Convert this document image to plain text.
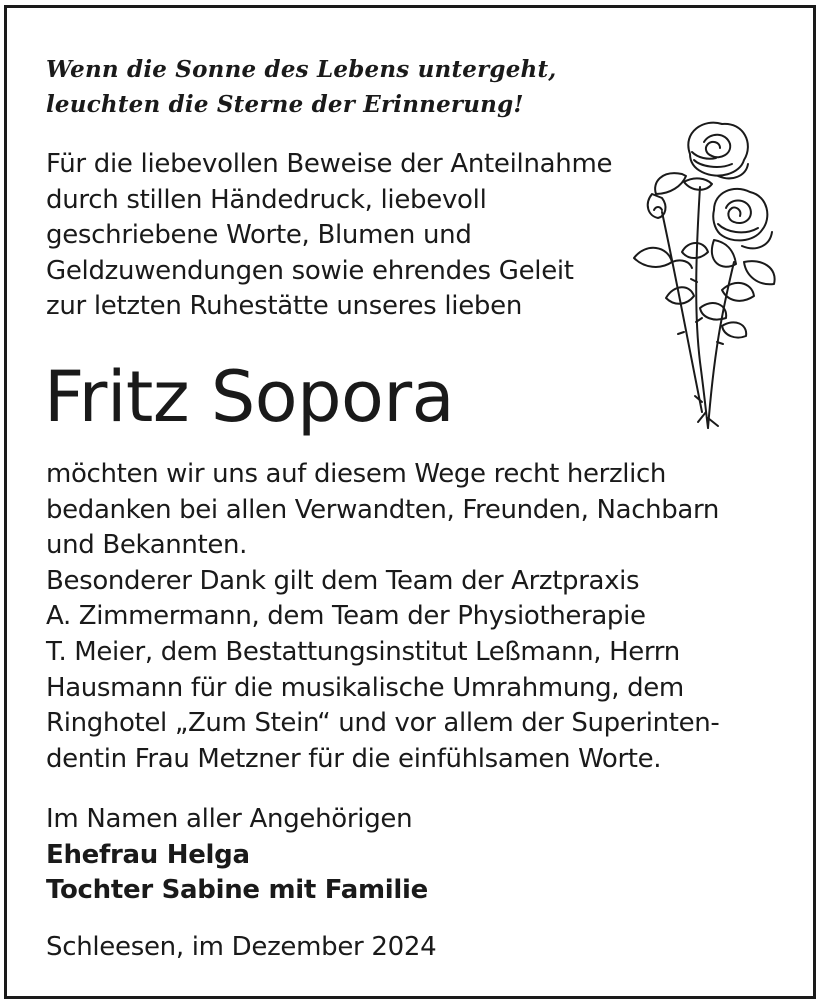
Wenn die Sonne des Lebens untergeht,
leuchten die Sterne der Erinnerung!
Für die liebevollen Beweise der Anteilnahme
durch stillen Händedruck, liebevoll
geschriebene Worte, Blumen und
Geldzuwendungen sowie ehrendes Geleit
zur letzten Ruhestätte unseres lieben
Fritz Sopora
möchten wir uns auf diesem Wege recht herzlich
bedanken bei allen Verwandten, Freunden, Nachbarn
und Bekannten.
Besonderer Dank gilt dem Team der Arztpraxis
A. Zimmermann, dem Team der Physiotherapie
T. Meier, dem Bestattungsinstitut Leßmann, Herrn
Hausmann für die musikalische Umrahmung, dem
Ringhotel „Zum Stein“ und vor allem der Superinten-
dentin Frau Metzner für die einfühlsamen Worte.
Im Namen aller Angehörigen
Ehefrau Helga
Tochter Sabine mit Familie
Schleesen, im Dezember 2024
